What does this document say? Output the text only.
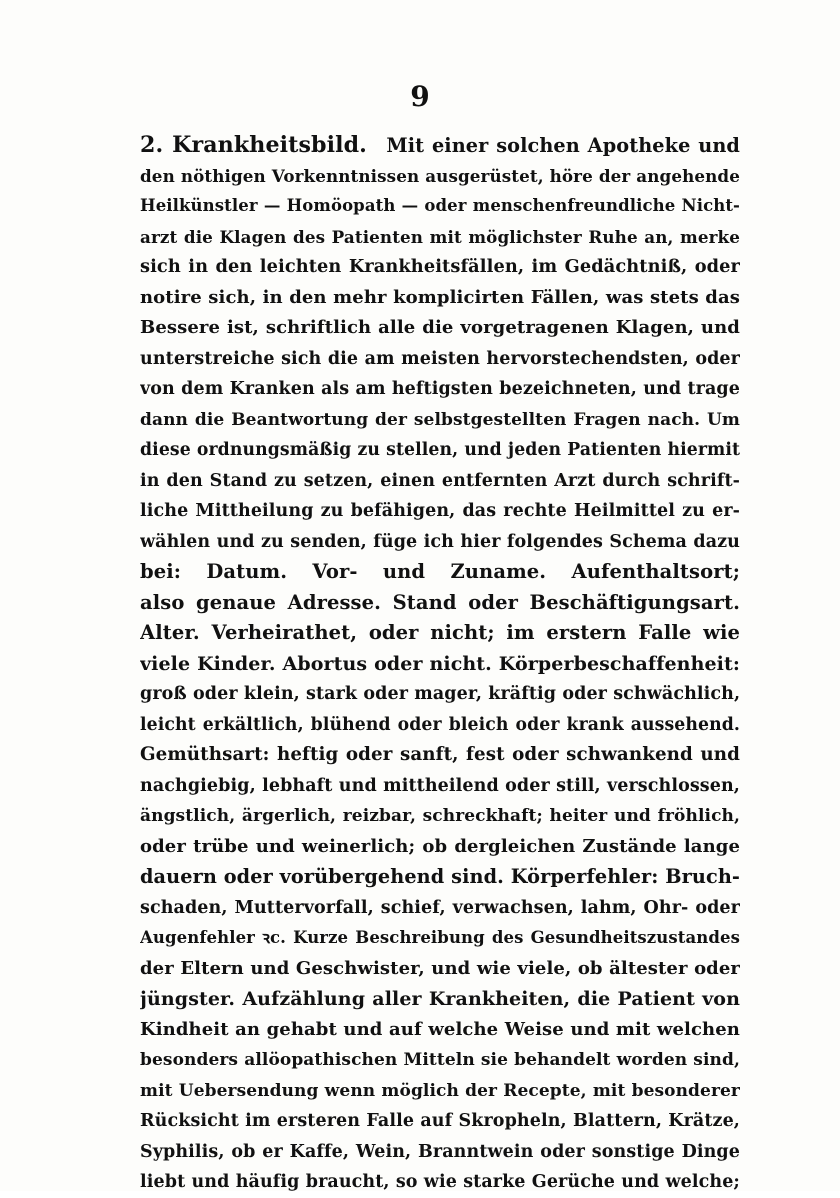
9
2. Krankheitsbild.  Mit einer solchen Apotheke und
den nöthigen Vorkenntnissen ausgerüstet, höre der angehende
Heilkünstler — Homöopath — oder menschenfreundliche Nicht-
arzt die Klagen des Patienten mit möglichster Ruhe an, merke
sich in den leichten Krankheitsfällen, im Gedächtniß, oder
notire sich, in den mehr komplicirten Fällen, was stets das
Bessere ist, schriftlich alle die vorgetragenen Klagen, und
unterstreiche sich die am meisten hervorstechendsten, oder
von dem Kranken als am heftigsten bezeichneten, und trage
dann die Beantwortung der selbstgestellten Fragen nach. Um
diese ordnungsmäßig zu stellen, und jeden Patienten hiermit
in den Stand zu setzen, einen entfernten Arzt durch schrift-
liche Mittheilung zu befähigen, das rechte Heilmittel zu er-
wählen und zu senden, füge ich hier folgendes Schema dazu
bei: Datum. Vor- und Zuname. Aufenthaltsort;
also genaue Adresse. Stand oder Beschäftigungsart.
Alter. Verheirathet, oder nicht; im erstern Falle wie
viele Kinder. Abortus oder nicht. Körperbeschaffenheit:
groß oder klein, stark oder mager, kräftig oder schwächlich,
leicht erkältlich, blühend oder bleich oder krank aussehend.
Gemüthsart: heftig oder sanft, fest oder schwankend und
nachgiebig, lebhaft und mittheilend oder still, verschlossen,
ängstlich, ärgerlich, reizbar, schreckhaft; heiter und fröhlich,
oder trübe und weinerlich; ob dergleichen Zustände lange
dauern oder vorübergehend sind. Körperfehler: Bruch-
schaden, Muttervorfall, schief, verwachsen, lahm, Ohr- oder
Augenfehler ꝛc. Kurze Beschreibung des Gesundheitszustandes
der Eltern und Geschwister, und wie viele, ob ältester oder
jüngster. Aufzählung aller Krankheiten, die Patient von
Kindheit an gehabt und auf welche Weise und mit welchen
besonders allöopathischen Mitteln sie behandelt worden sind,
mit Uebersendung wenn möglich der Recepte, mit besonderer
Rücksicht im ersteren Falle auf Skropheln, Blattern, Krätze,
Syphilis, ob er Kaffe, Wein, Branntwein oder sonstige Dinge
liebt und häufig braucht, so wie starke Gerüche und welche;
